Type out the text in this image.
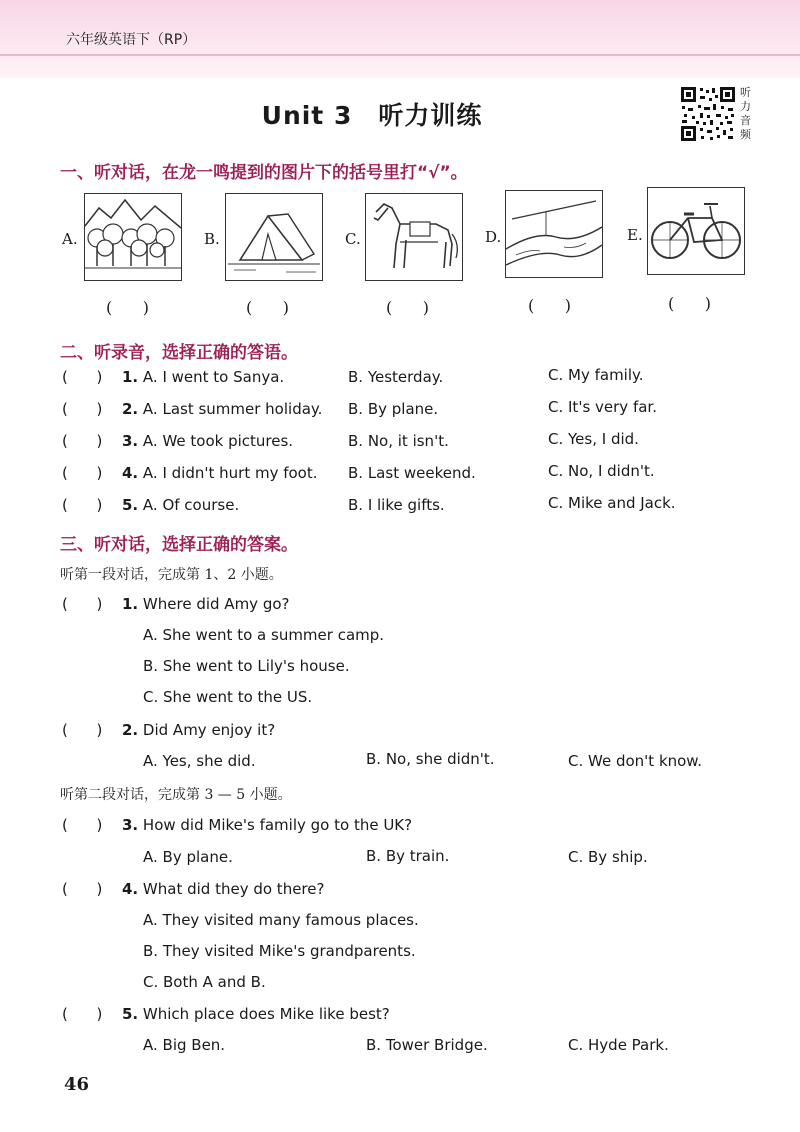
六年级英语下（RP）
Unit 3　听力训练
听力音频
一、听对话，在龙一鸣提到的图片下的括号里打“√”。
A.
(      )
B.
(      )
C.
(      )
D.
(      )
E.
(      )
二、听录音，选择正确的答语。
(      ) 1. A. I went to Sanya.	B. Yesterday.	C. My family.
(      ) 2. A. Last summer holiday. B. By plane.	C. It's very far.
(      ) 3. A. We took pictures.	B. No, it isn't.	C. Yes, I did.
(      ) 4. A. I didn't hurt my foot. B. Last weekend.	C. No, I didn't.
(      ) 5. A. Of course.	B. I like gifts.	C. Mike and Jack.
三、听对话，选择正确的答案。
听第一段对话，完成第 1、2 小题。
(      ) 1. Where did Amy go?
A. She went to a summer camp.
B. She went to Lily's house.
C. She went to the US.
(      ) 2. Did Amy enjoy it?
A. Yes, she did.	B. No, she didn't.	C. We don't know.
听第二段对话，完成第 3 — 5 小题。
(      ) 3. How did Mike's family go to the UK?
A. By plane.	B. By train.	C. By ship.
(      ) 4. What did they do there?
A. They visited many famous places.
B. They visited Mike's grandparents.
C. Both A and B.
(      ) 5. Which place does Mike like best?
A. Big Ben.	B. Tower Bridge.	C. Hyde Park.
46
